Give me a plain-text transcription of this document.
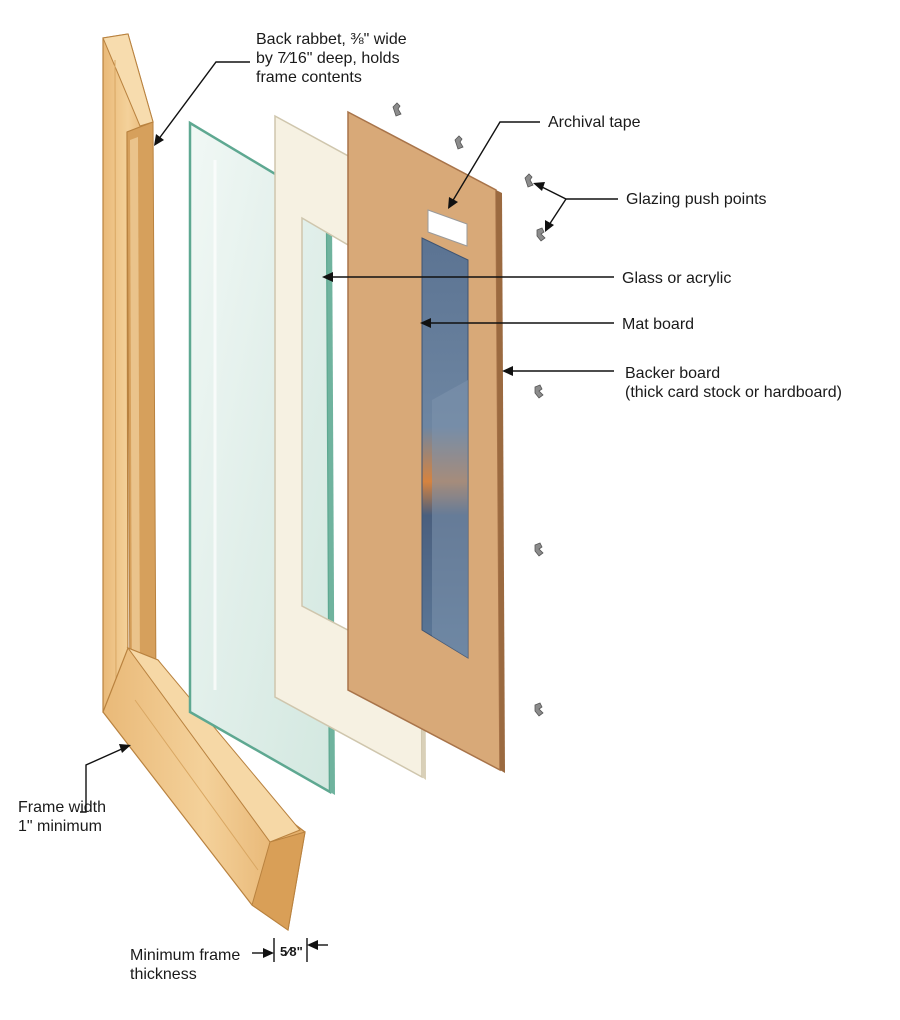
Back rabbet, ⅜" wide
by 7⁄16" deep, holds
frame contents
Archival tape
Glazing push points
Glass or acrylic
Mat board
Backer board
(thick card stock or hardboard)
Frame width
1" minimum
Minimum frame
thickness
5⁄8"
